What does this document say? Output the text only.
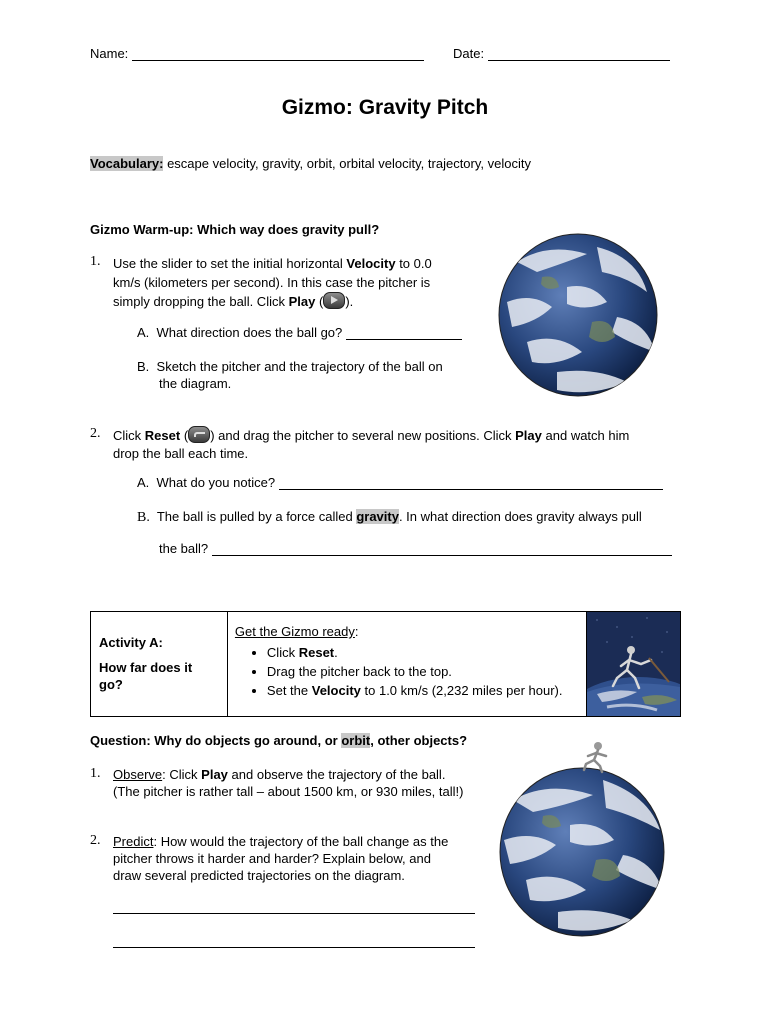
Name:	Date:
Gizmo: Gravity Pitch
Vocabulary: escape velocity, gravity, orbit, orbital velocity, trajectory, velocity
Gizmo Warm-up: Which way does gravity pull?
1. Use the slider to set the initial horizontal Velocity to 0.0
km/s (kilometers per second). In this case the pitcher is
simply dropping the ball. Click Play ( ).
A. What direction does the ball go?
B. Sketch the pitcher and the trajectory of the ball on
the diagram.
2. Click Reset ( ) and drag the pitcher to several new positions. Click Play and watch him
drop the ball each time.
A. What do you notice?
B. The ball is pulled by a force called gravity. In what direction does gravity always pull
the ball?
Activity A:
How far does it go?

Get the Gizmo ready:
• Click Reset.
• Drag the pitcher back to the top.
• Set the Velocity to 1.0 km/s (2,232 miles per hour).

Question: Why do objects go around, or orbit, other objects?
1. Observe: Click Play and observe the trajectory of the ball.
(The pitcher is rather tall – about 1500 km, or 930 miles, tall!)
2. Predict: How would the trajectory of the ball change as the
pitcher throws it harder and harder? Explain below, and
draw several predicted trajectories on the diagram.
